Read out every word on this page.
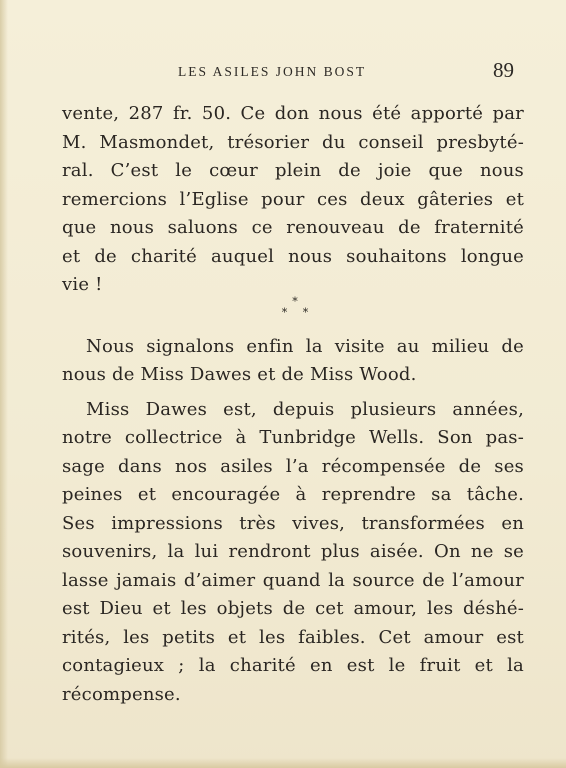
LES ASILES JOHN BOST	89
vente, 287 fr. 50. Ce don nous été apporté par
M. Masmondet, trésorier du conseil presbyté-
ral. C’est le cœur plein de joie que nous
remercions l’Eglise pour ces deux gâteries et
que nous saluons ce renouveau de fraternité
et de charité auquel nous souhaitons longue
vie !
Nous signalons enfin la visite au milieu de
nous de Miss Dawes et de Miss Wood.
Miss Dawes est, depuis plusieurs années,
notre collectrice à Tunbridge Wells. Son pas-
sage dans nos asiles l’a récompensée de ses
peines et encouragée à reprendre sa tâche.
Ses impressions très vives, transformées en
souvenirs, la lui rendront plus aisée. On ne se
lasse jamais d’aimer quand la source de l’amour
est Dieu et les objets de cet amour, les déshé-
rités, les petits et les faibles. Cet amour est
contagieux ; la charité en est le fruit et la
récompense.
*
* *
